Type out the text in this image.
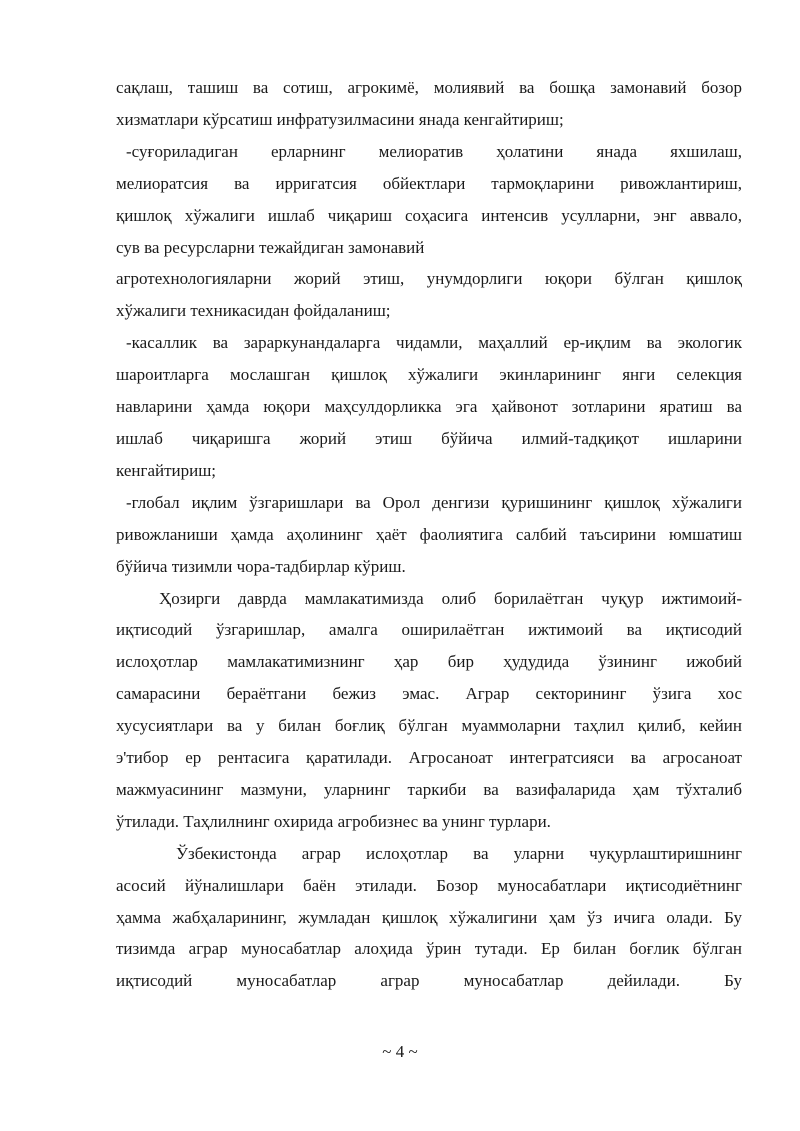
сақлаш, ташиш ва сотиш, агрокимё, молиявий ва бошқа замонавий бозор
хизматлари кўрсатиш инфратузилмасини янада кенгайтириш;
-суғориладиган ерларнинг мелиоратив ҳолатини янада яхшилаш,
мелиоратсия ва ирригатсия обйектлари тармоқларини ривожлантириш,
қишлоқ хўжалиги ишлаб чиқариш соҳасига интенсив усулларни, энг аввало,
сув ва ресурсларни тежайдиган замонавий
агротехнологияларни жорий этиш, унумдорлиги юқори бўлган қишлоқ
хўжалиги техникасидан фойдаланиш;
-касаллик ва зараркунандаларга чидамли, маҳаллий ер-иқлим ва экологик
шароитларга мослашган қишлоқ хўжалиги экинларининг янги селекция
навларини ҳамда юқори маҳсулдорликка эга ҳайвонот зотларини яратиш ва
ишлаб чиқаришга жорий этиш бўйича илмий-тадқиқот ишларини
кенгайтириш;
-глобал иқлим ўзгаришлари ва Орол денгизи қуришининг қишлоқ хўжалиги
ривожланиши ҳамда аҳолининг ҳаёт фаолиятига салбий таъсирини юмшатиш
бўйича тизимли чора-тадбирлар кўриш.
Ҳозирги даврда мамлакатимизда олиб борилаётган чуқур ижтимоий-
иқтисодий ўзгаришлар, амалга оширилаётган ижтимоий ва иқтисодий
ислоҳотлар мамлакатимизнинг ҳар бир ҳудудида ўзининг ижобий
самарасини бераётгани бежиз эмас. Аграр секторининг ўзига хос
хусусиятлари ва у билан боғлиқ бўлган муаммоларни таҳлил қилиб, кейин
э'тибор ер рентасига қаратилади. Агросаноат интегратсияси ва агросаноат
мажмуасининг мазмуни, уларнинг таркиби ва вазифаларида ҳам тўхталиб
ўтилади. Таҳлилнинг охирида агробизнес ва унинг турлари.
Ўзбекистонда аграр ислоҳотлар ва уларни чуқурлаштиришнинг
асосий йўналишлари баён этилади. Бозор муносабатлари иқтисодиётнинг
ҳамма жабҳаларининг, жумладан қишлоқ хўжалигини ҳам ўз ичига олади. Бу
тизимда аграр муносабатлар алоҳида ўрин тутади. Ер билан боғлик бўлган
иқтисодий муносабатлар аграр муносабатлар дейилади. Бу
~ 4 ~
